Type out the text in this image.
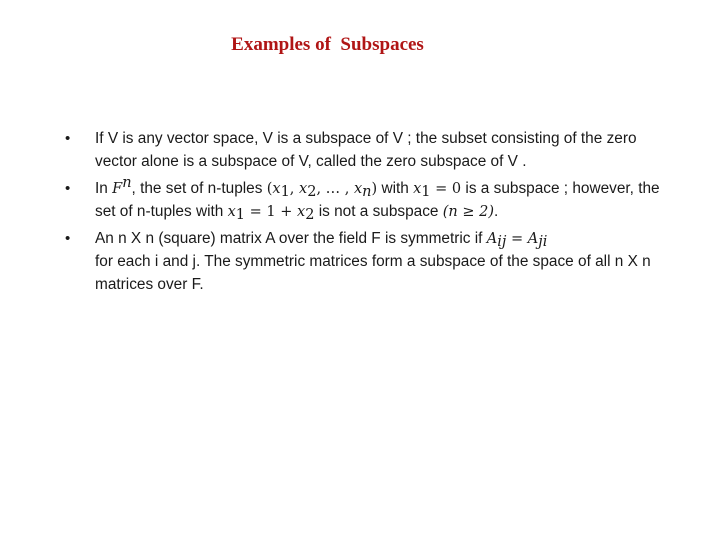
Examples of  Subspaces
• If V is any vector space, V is a subspace of V ; the subset consisting of the zero vector alone is a subspace of V, called the zero subspace of V .
• In $F^n$, the set of n-tuples ($x_1$, $x_2$, … , $x_n$) with $x_1 = 0$ is a subspace ; however, the set of n-tuples with $x_1 = 1 + x_2$ is not a subspace (n ≥ 2).
• An n X n (square) matrix A over the field F is symmetric if $A_{ij} = A_{ji}$
for each i and j. The symmetric matrices form a subspace of the space of all n X n matrices over F.
